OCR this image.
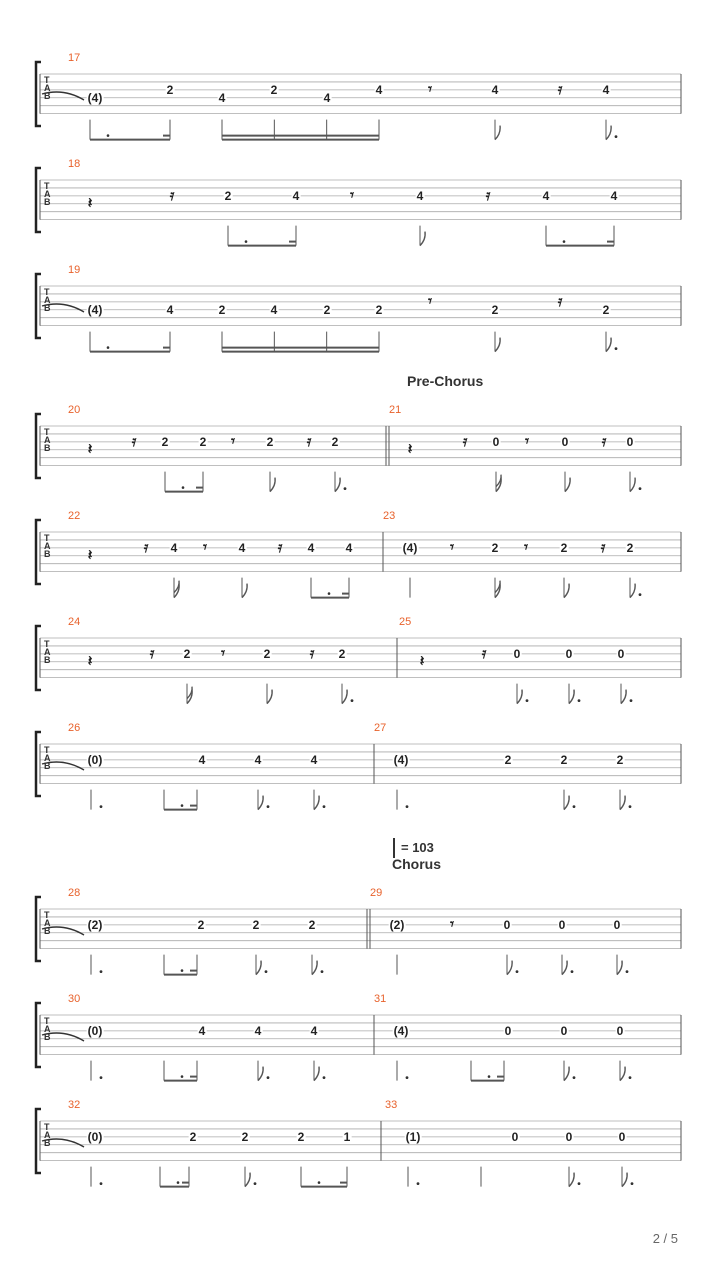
Pre-Chorus
= 103
Chorus
T
A
B
17
(4)
2
4
2
4
4	𝄾	4	𝄿	4
T
A
B
18
𝄽	𝄿	2	4	𝄾	4	𝄿	4	4
T
A
B
19
(4)	4	2	4	2	2	𝄾	2	𝄿	2
T
A
B
20
𝄽	𝄿 2	2 𝄾	2 𝄿 2
21
𝄽	𝄿 0 𝄾	0 𝄿 0
T
A
B
22
𝄽	𝄿 4 𝄾	4 𝄿 4	4
23
(4) 𝄾	2 𝄾	2 𝄿 2
T
A
B
24
𝄽	𝄿 2 𝄾	2	𝄿 2
25
𝄽	𝄿 0	0	0
T
A
B
26
(0)	4	4	4
27
(4)	2	2	2
T
A
B
28
(2)	2	2	2
29
(2)	𝄾	0	0	0
T
A
B
30
(0)	4	4	4
31
(4)	0	0	0
T
A
B
32
(0)	2	2	2	1
33
(1)	0	0	0
2 / 5
